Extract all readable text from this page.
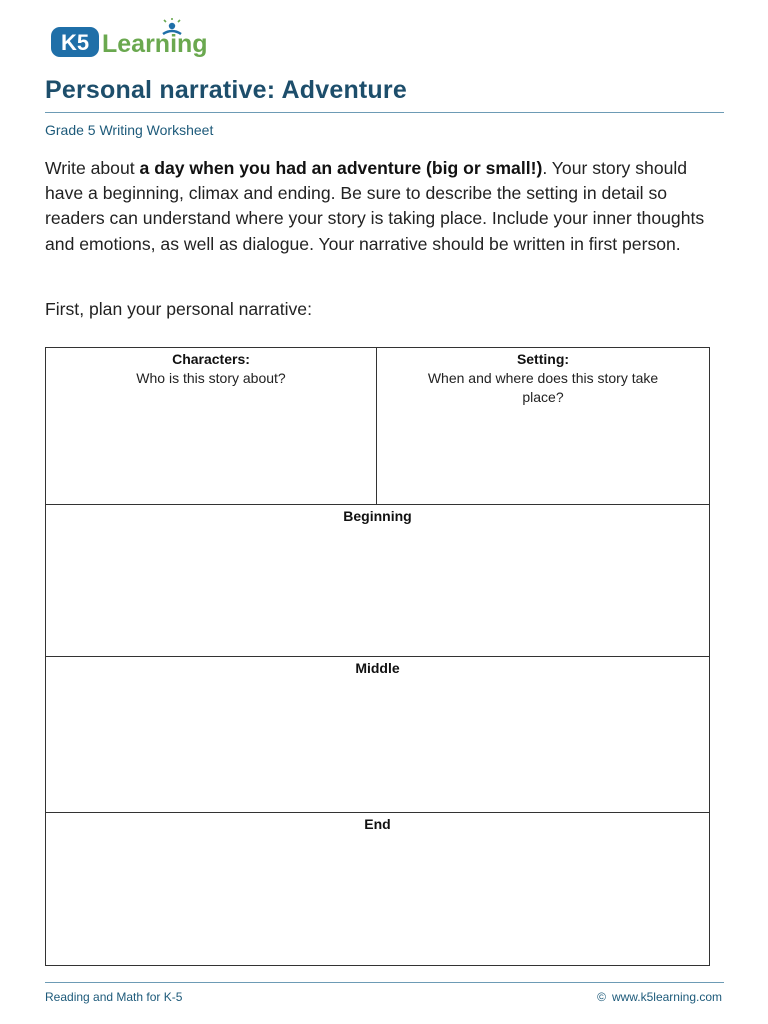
K5 Learning
Personal narrative: Adventure
Grade 5 Writing Worksheet
Write about a day when you had an adventure (big or small!). Your story should have a beginning, climax and ending. Be sure to describe the setting in detail so readers can understand where your story is taking place. Include your inner thoughts and emotions, as well as dialogue. Your narrative should be written in first person.
First, plan your personal narrative:
Characters:
Who is this story about?
Setting:
When and where does this story take place?
Beginning
Middle
End
Reading and Math for K-5	© www.k5learning.com
